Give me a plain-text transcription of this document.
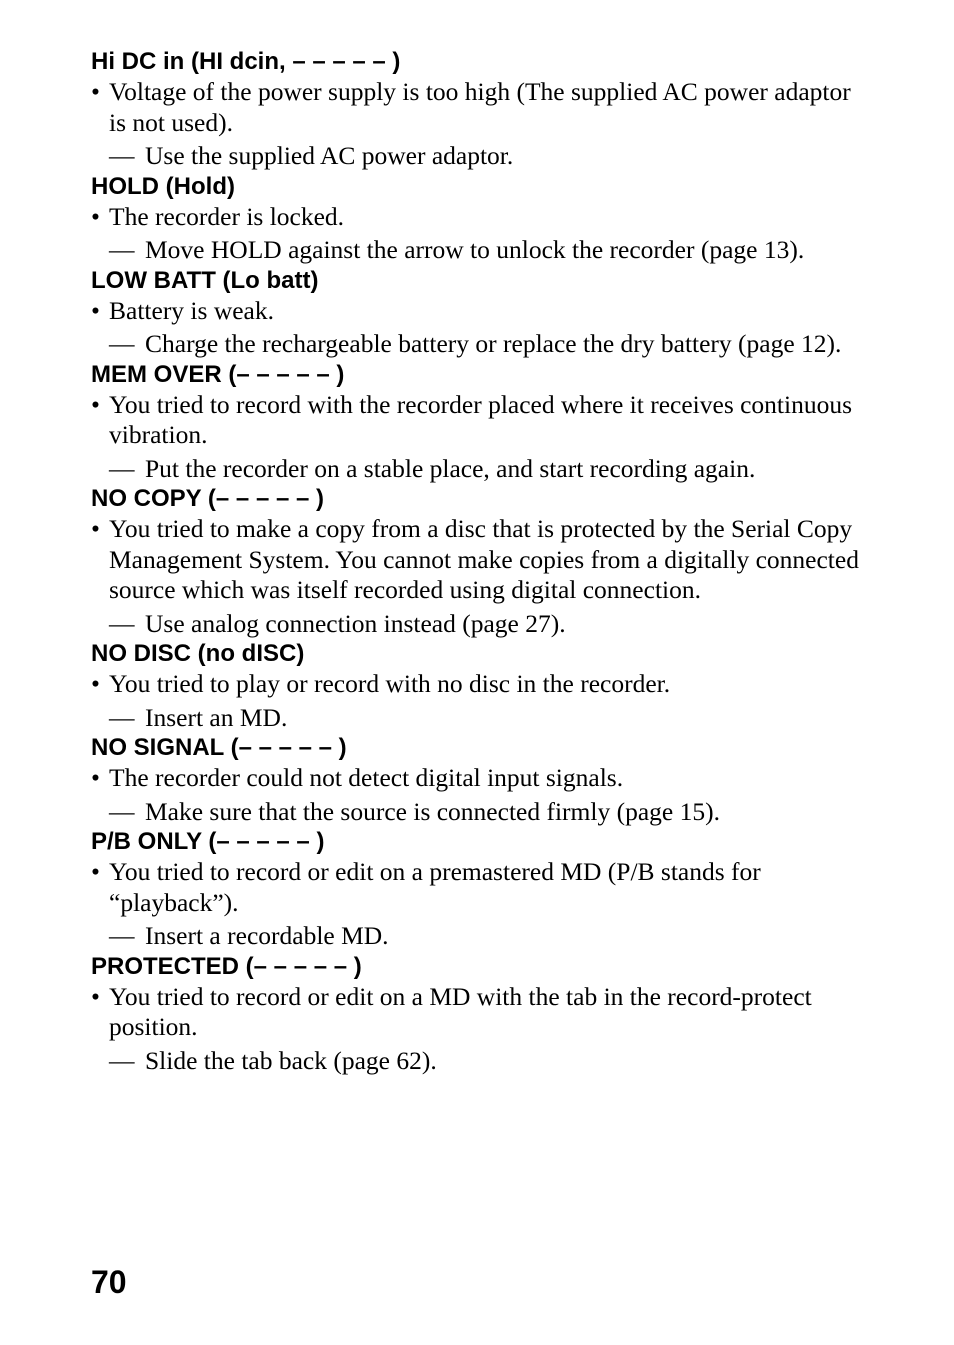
Hi DC in (HI dcin, – – – – – )
• Voltage of the power supply is too high (The supplied AC power adaptor is not used).
— Use the supplied AC power adaptor.
HOLD (Hold)
• The recorder is locked.
— Move HOLD against the arrow to unlock the recorder (page 13).
LOW BATT (Lo batt)
• Battery is weak.
— Charge the rechargeable battery or replace the dry battery (page 12).
MEM OVER (– – – – – )
• You tried to record with the recorder placed where it receives continuous vibration.
— Put the recorder on a stable place, and start recording again.
NO COPY (– – – – – )
• You tried to make a copy from a disc that is protected by the Serial Copy Management System. You cannot make copies from a digitally connected source which was itself recorded using digital connection.
— Use analog connection instead (page 27).
NO DISC (no dISC)
• You tried to play or record with no disc in the recorder.
— Insert an MD.
NO SIGNAL (– – – – – )
• The recorder could not detect digital input signals.
— Make sure that the source is connected firmly (page 15).
P/B ONLY (– – – – – )
• You tried to record or edit on a premastered MD (P/B stands for “playback”).
— Insert a recordable MD.
PROTECTED (– – – – – )
• You tried to record or edit on a MD with the tab in the record-protect position.
— Slide the tab back (page 62).
70
